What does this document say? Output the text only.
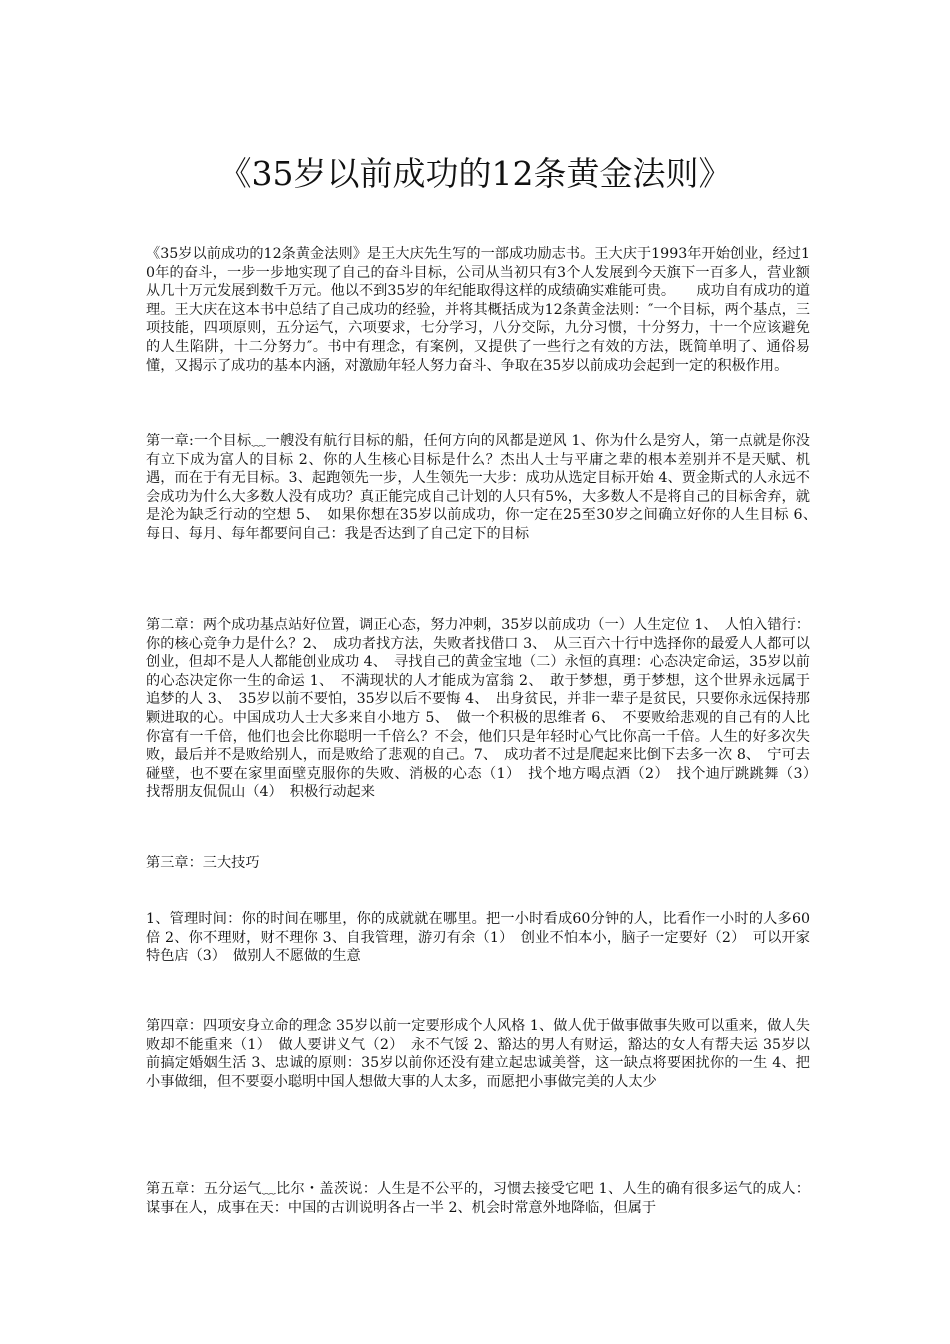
《35岁以前成功的12条黄金法则》

《35岁以前成功的12条黄金法则》是王大庆先生写的一部成功励志书。王大庆于1993年开始创业，经过10年的奋斗，一步一步地实现了自己的奋斗目标，公司从当初只有3个人发展到今天旗下一百多人，营业额从几十万元发展到数千万元。他以不到35岁的年纪能取得这样的成绩确实难能可贵。　　成功自有成功的道理。王大庆在这本书中总结了自己成功的经验，并将其概括成为12条黄金法则：″一个目标，两个基点，三项技能，四项原则，五分运气，六项要求，七分学习，八分交际，九分习惯，十分努力，十一个应该避免的人生陷阱，十二分努力″。书中有理念，有案例，又提供了一些行之有效的方法，既简单明了、通俗易懂，又揭示了成功的基本内涵，对激励年轻人努力奋斗、争取在35岁以前成功会起到一定的积极作用。

第一章:一个目标﹏一艘没有航行目标的船，任何方向的风都是逆风 1、你为什么是穷人，第一点就是你没有立下成为富人的目标 2、你的人生核心目标是什么？杰出人士与平庸之辈的根本差别并不是天赋、机遇，而在于有无目标。3、起跑领先一步，人生领先一大步：成功从选定目标开始 4、贾金斯式的人永远不会成功为什么大多数人没有成功？真正能完成自己计划的人只有5%，大多数人不是将自己的目标舍弃，就是沦为缺乏行动的空想 5、　如果你想在35岁以前成功，你一定在25至30岁之间确立好你的人生目标 6、　每日、每月、每年都要问自己：我是否达到了自己定下的目标

第二章：两个成功基点站好位置，调正心态，努力冲刺，35岁以前成功（一）人生定位 1、　人怕入错行：你的核心竞争力是什么？2、　成功者找方法，失败者找借口 3、　从三百六十行中选择你的最爱人人都可以创业，但却不是人人都能创业成功 4、　寻找自己的黄金宝地（二）永恒的真理：心态决定命运，35岁以前的心态决定你一生的命运 1、　不满现状的人才能成为富翁 2、　敢于梦想，勇于梦想，这个世界永远属于追梦的人 3、　35岁以前不要怕，35岁以后不要悔 4、　出身贫民，并非一辈子是贫民，只要你永远保持那颗进取的心。中国成功人士大多来自小地方 5、　做一个积极的思维者 6、　不要败给悲观的自己有的人比你富有一千倍，他们也会比你聪明一千倍么？不会，他们只是年轻时心气比你高一千倍。人生的好多次失败，最后并不是败给别人，而是败给了悲观的自己。7、　成功者不过是爬起来比倒下去多一次 8、　宁可去碰壁，也不要在家里面壁克服你的失败、消极的心态（1）　找个地方喝点酒（2）　找个迪厅跳跳舞（3）　找帮朋友侃侃山（4）　积极行动起来

第三章：三大技巧

1、管理时间：你的时间在哪里，你的成就就在哪里。把一小时看成60分钟的人，比看作一小时的人多60倍 2、你不理财，财不理你 3、自我管理，游刃有余（1）　创业不怕本小，脑子一定要好（2）　可以开家特色店（3）　做别人不愿做的生意

第四章：四项安身立命的理念 35岁以前一定要形成个人风格 1、做人优于做事做事失败可以重来，做人失败却不能重来（1）　做人要讲义气（2）　永不气馁 2、豁达的男人有财运，豁达的女人有帮夫运 35岁以前搞定婚姻生活 3、忠诚的原则：35岁以前你还没有建立起忠诚美誉，这一缺点将要困扰你的一生 4、把小事做细，但不要耍小聪明中国人想做大事的人太多，而愿把小事做完美的人太少

第五章：五分运气﹏比尔・盖茨说：人生是不公平的，习惯去接受它吧 1、人生的确有很多运气的成人：谋事在人，成事在天：中国的古训说明各占一半 2、机会时常意外地降临，但属于
